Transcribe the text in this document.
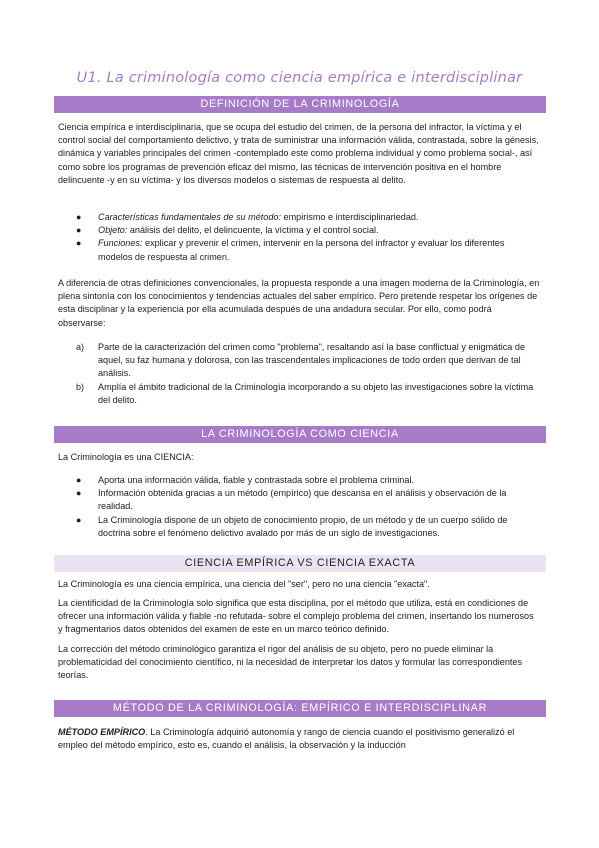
U1. La criminología como ciencia empírica e interdisciplinar
DEFINICIÓN DE LA CRIMINOLOGÍA

Ciencia empírica e interdisciplinaria, que se ocupa del estudio del crimen, de la persona del infractor, la víctima y el control social del comportamiento delictivo, y trata de suministrar una información válida, contrastada, sobre la génesis, dinámica y variables principales del crimen -contemplado este como problema individual y como problema social-, así como sobre los programas de prevención eficaz del mismo, las técnicas de intervención positiva en el hombre delincuente -y en su víctima- y los diversos modelos o sistemas de respuesta al delito.

● Características fundamentales de su método: empirismo e interdisciplinariedad.
● Objeto: análisis del delito, el delincuente, la víctima y el control social.
● Funciones: explicar y prevenir el crimen, intervenir en la persona del infractor y evaluar los diferentes modelos de respuesta al crimen.

A diferencia de otras definiciones convencionales, la propuesta responde a una imagen moderna de la Criminología, en plena sintonía con los conocimientos y tendencias actuales del saber empírico. Pero pretende respetar los orígenes de esta disciplinar y la experiencia por ella acumulada después de una andadura secular. Por ello, como podrá observarse:

a) Parte de la caracterización del crimen como "problema", resaltando así la base conflictual y enigmática de aquel, su faz humana y dolorosa, con las trascendentales implicaciones de todo orden que derivan de tal análisis.
b) Amplía el ámbito tradicional de la Criminología incorporando a su objeto las investigaciones sobre la víctima del delito.
LA CRIMINOLOGÍA COMO CIENCIA

La Criminología es una CIENCIA:

● Aporta una información válida, fiable y contrastada sobre el problema criminal.
● Información obtenida gracias a un método (empírico) que descansa en el análisis y observación de la realidad.
● La Criminología dispone de un objeto de conocimiento propio, de un método y de un cuerpo sólido de doctrina sobre el fenómeno delictivo avalado por más de un siglo de investigaciones.
CIENCIA EMPÍRICA VS CIENCIA EXACTA

La Criminología es una ciencia empírica, una ciencia del "ser", pero no una ciencia "exacta".

La cientificidad de la Criminología solo significa que esta disciplina, por el método que utiliza, está en condiciones de ofrecer una información válida y fiable -no refutada- sobre el complejo problema del crimen, insertando los numerosos y fragmentarios datos obtenidos del examen de este en un marco teórico definido.

La corrección del método criminológico garantiza el rigor del análisis de su objeto, pero no puede eliminar la problematicidad del conocimiento científico, ni la necesidad de interpretar los datos y formular las correspondientes teorías.

MÉTODO DE LA CRIMINOLOGÍA: EMPÍRICO E INTERDISCIPLINAR

MÉTODO EMPÍRICO. La Criminología adquirió autonomía y rango de ciencia cuando el positivismo generalizó el empleo del método empírico, esto es, cuando el análisis, la observación y la inducción
